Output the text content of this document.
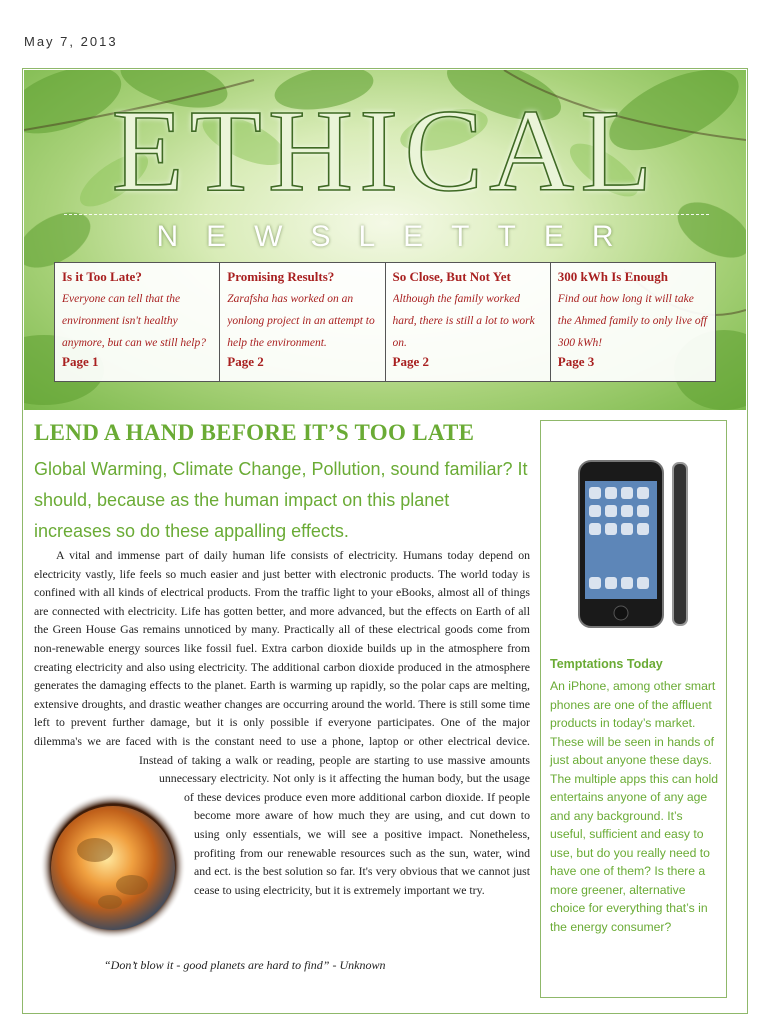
May 7, 2013
ETHICAL
NEWSLETTER
Is it Too Late?
Everyone can tell that the environment isn't healthy anymore, but can we still help?
Page 1
Promising Results?
Zarafsha has worked on an yonlong project in an attempt to help the environment.
Page 2
So Close, But Not Yet
Although the family worked hard, there is still a lot to work on.
Page 2
300 kWh Is Enough
Find out how long it will take the Ahmed family to only live off 300 kWh!
Page 3
LEND A HAND BEFORE IT’S TOO LATE
Global Warming, Climate Change, Pollution, sound familiar? It should, because as the human impact on this planet increases so do these appalling effects.

A vital and immense part of daily human life consists of electricity. Humans today depend on electricity vastly, life feels so much easier and just better with electronic products. The world today is confined with all kinds of electrical products. From the traffic light to your eBooks, almost all of things are connected with electricity. Life has gotten better, and more advanced, but the effects on Earth of all the Green House Gas remains unnoticed by many. Practically all of these electrical goods come from non-renewable energy sources like fossil fuel. Extra carbon dioxide builds up in the atmosphere from creating electricity and also using electricity. The additional carbon dioxide produced in the atmosphere generates the damaging effects to the planet. Earth is warming up rapidly, so the polar caps are melting, extensive droughts, and drastic weather changes are occurring around the world. There is still some time left to prevent further damage, but it is only possible if everyone participates. One of the major dilemma's we are faced with is the constant need to use a phone, laptop or other electrical device. Instead of taking a walk or reading, people are starting to use massive amounts unnecessary electricity. Not only is it affecting the human body, but the usage of these devices produce even more additional carbon dioxide. If people become more aware of how much they are using, and cut down to using only essentials, we will see a positive impact. Nonetheless, profiting from our renewable resources such as the sun, water, wind and ect. is the best solution so far. It's very obvious that we cannot just cease to using electricity, but it is extremely important we try.

“Don’t blow it - good planets are hard to find” - Unknown
Temptations Today
An iPhone, among other smart phones are one of the affluent products in today’s market. These will be seen in hands of just about anyone these days. The multiple apps this can hold entertains anyone of any age and any background. It’s useful, sufficient and easy to use, but do you really need to have one of them? Is there a more greener, alternative choice for everything that’s in the energy consumer?
